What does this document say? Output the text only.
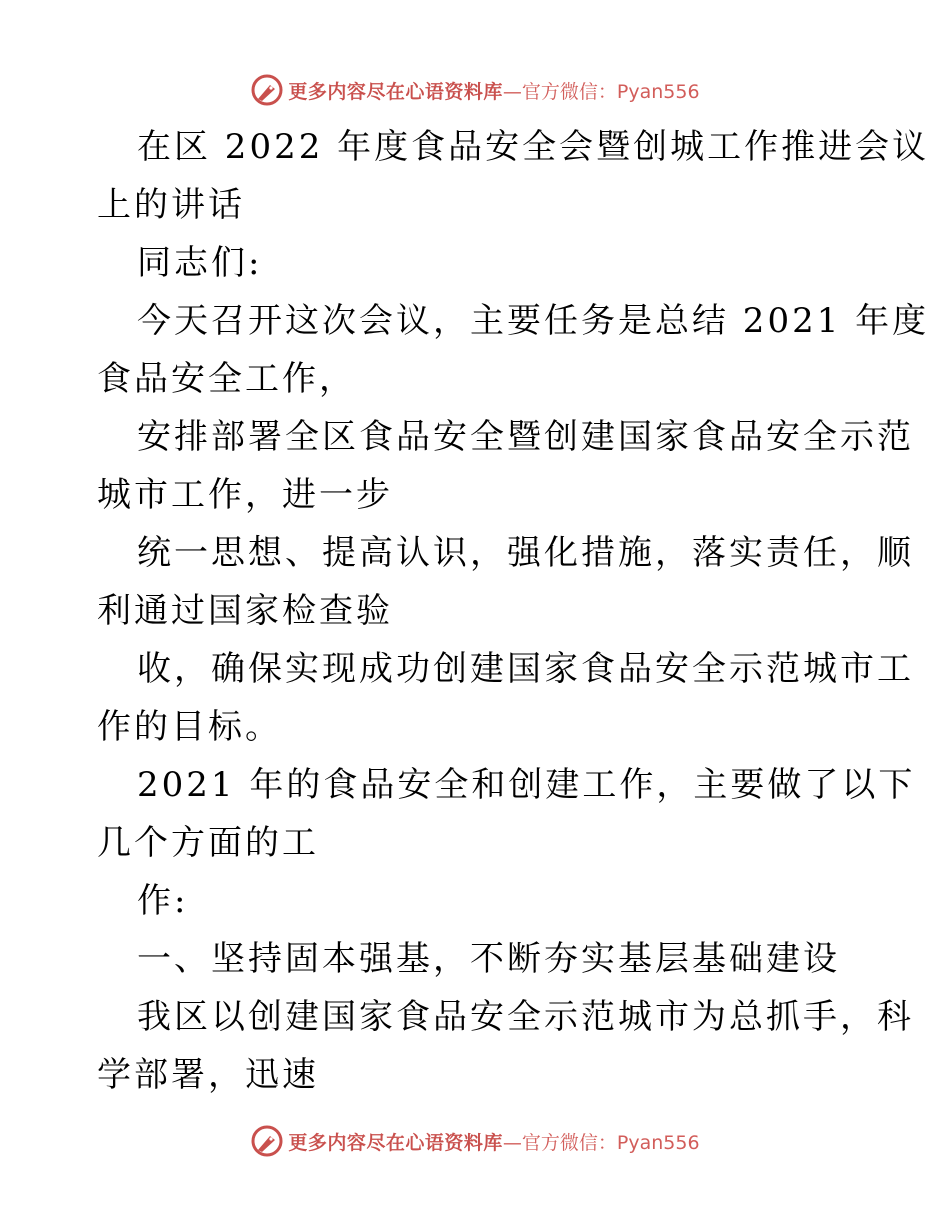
更多内容尽在心语资料库 —官方微信：Pyan556
在区 2022 年度食品安全会暨创城工作推进会议
上的讲话
同志们:
今天召开这次会议，主要任务是总结 2021 年度
食品安全工作，
安排部署全区食品安全暨创建国家食品安全示范
城市工作，进一步
统一思想、提高认识，强化措施，落实责任，顺
利通过国家检查验
收，确保实现成功创建国家食品安全示范城市工
作的目标。
2021 年的食品安全和创建工作，主要做了以下
几个方面的工
作:
一、坚持固本强基，不断夯实基层基础建设
我区以创建国家食品安全示范城市为总抓手，科
学部署，迅速
更多内容尽在心语资料库 —官方微信：Pyan556
